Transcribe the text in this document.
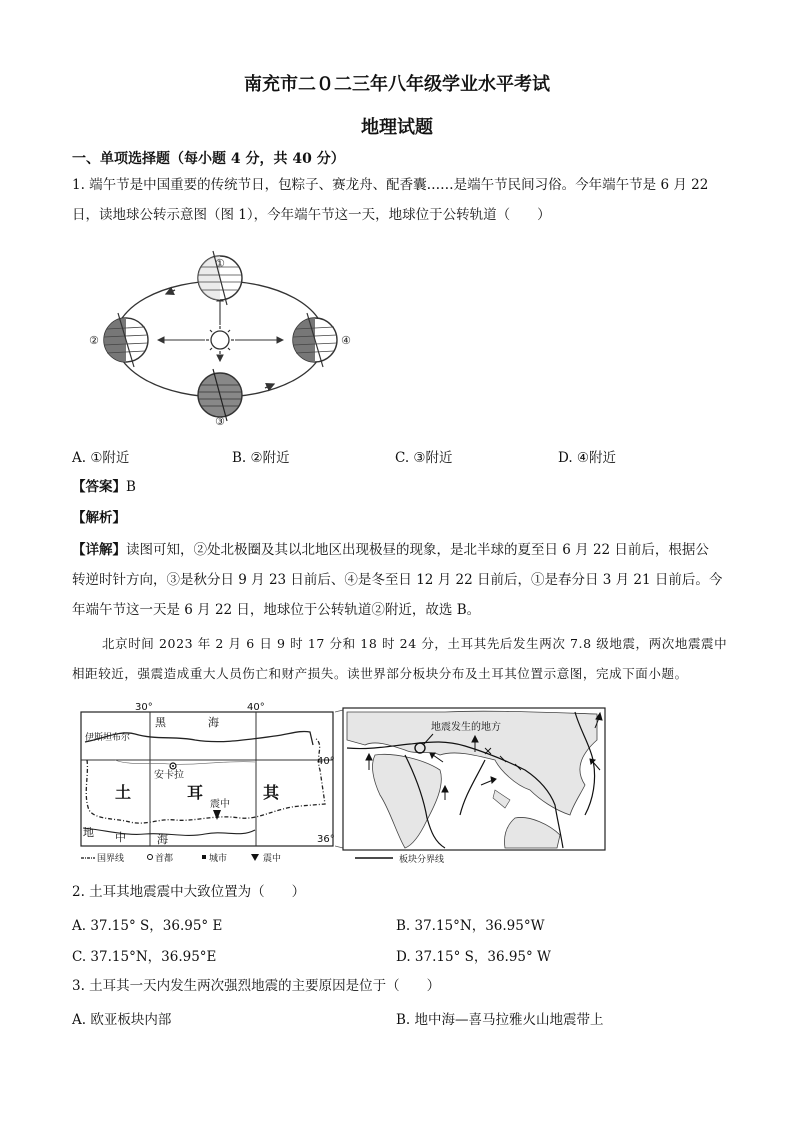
南充市二０二三年八年级学业水平考试
地理试题
一、单项选择题（每小题 4 分，共 40 分）
1. 端午节是中国重要的传统节日，包粽子、赛龙舟、配香囊……是端午节民间习俗。今年端午节是 6 月 22
日，读地球公转示意图（图 1），今年端午节这一天，地球位于公转轨道（　　）
①
②
③
④
A. ①附近	B. ②附近	C. ③附近	D. ④附近
【答案】B
【解析】
【详解】读图可知，②处北极圈及其以北地区出现极昼的现象，是北半球的夏至日 6 月 22 日前后，根据公
转逆时针方向，③是秋分日 9 月 23 日前后、④是冬至日 12 月 22 日前后，①是春分日 3 月 21 日前后。今
年端午节这一天是 6 月 22 日，地球位于公转轨道②附近，故选 B。
北京时间 2023 年 2 月 6 日 9 时 17 分和 18 时 24 分，土耳其先后发生两次 7.8 级地震，两次地震震中
相距较近，强震造成重大人员伤亡和财产损失。读世界部分板块分布及土耳其位置示意图，完成下面小题。
30°	40°
40°
36°
黑	海
伊斯坦布尔
安卡拉
震中
地 中	海
土	耳	其
国界线	首都	城市	震中
地震发生的地方
板块分界线
2. 土耳其地震震中大致位置为（　　）
A. 37.15° S，36.95° E	B. 37.15°N，36.95°W
C. 37.15°N，36.95°E	D. 37.15° S，36.95° W
3. 土耳其一天内发生两次强烈地震的主要原因是位于（　　）
A. 欧亚板块内部	B. 地中海—喜马拉雅火山地震带上
